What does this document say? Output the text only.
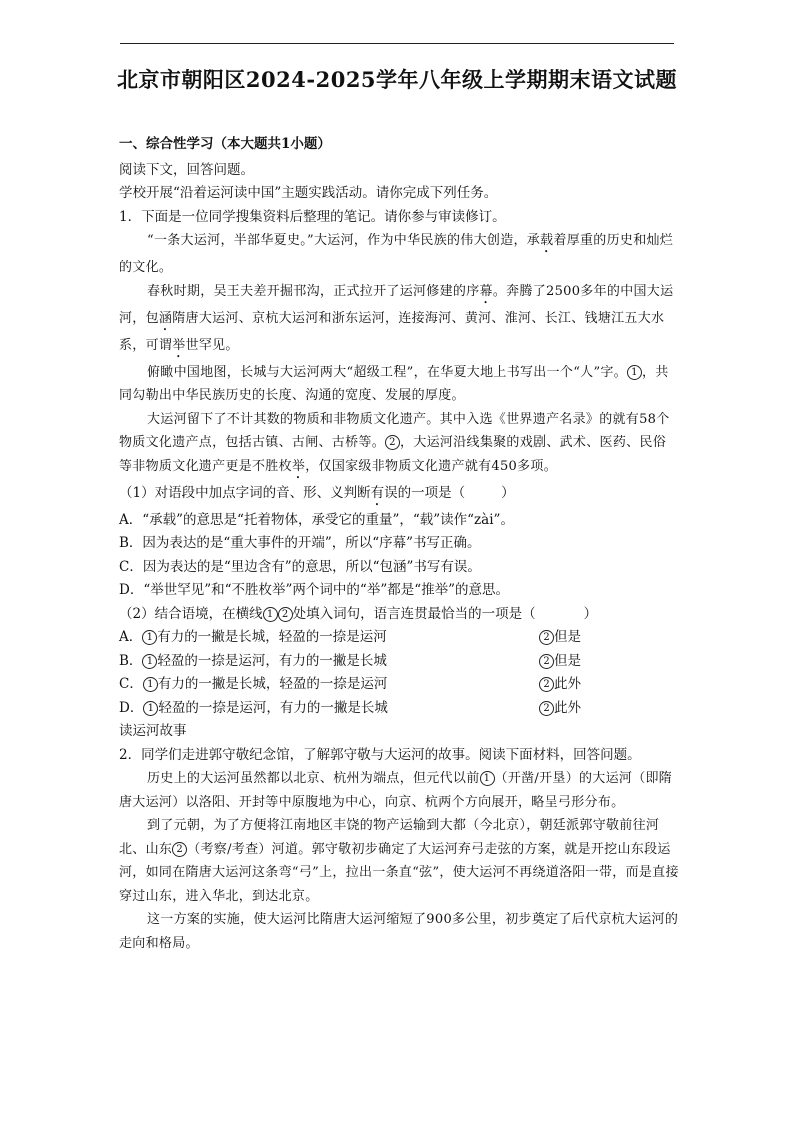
北京市朝阳区2024-2025学年八年级上学期期末语文试题

一、综合性学习（本大题共1小题）

阅读下文，回答问题。

学校开展“沿着运河读中国”主题实践活动。请你完成下列任务。

1．下面是一位同学搜集资料后整理的笔记。请你参与审读修订。

“一条大运河，半部华夏史。”大运河，作为中华民族的伟大创造，承载着厚重的历史和灿烂的文化。

春秋时期，吴王夫差开掘邗沟，正式拉开了运河修建的序幕。奔腾了2500多年的中国大运河，包涵隋唐大运河、京杭大运河和浙东运河，连接海河、黄河、淮河、长江、钱塘江五大水系，可谓举世罕见。

俯瞰中国地图，长城与大运河两大“超级工程”，在华夏大地上书写出一个“人”字。 1 ，共同勾勒出中华民族历史的长度、沟通的宽度、发展的厚度。

大运河留下了不计其数的物质和非物质文化遗产。其中入选《世界遗产名录》的就有58个物质文化遗产点，包括古镇、古闸、古桥等。 2 ，大运河沿线集聚的戏剧、武术、医药、民俗等非物质文化遗产更是不胜枚举，仅国家级非物质文化遗产就有450多项。

（1）对语段中加点字词的音、形、义判断有误的一项是（	）

A．“承载”的意思是“托着物体，承受它的重量”，“载”读作“zài”。

B．因为表达的是“重大事件的开端”，所以“序幕”书写正确。

C．因为表达的是“里边含有”的意思，所以“包涵”书写有误。

D．“举世罕见”和“不胜枚举”两个词中的“举”都是“推举”的意思。

（2）结合语境，在横线 1 2 处填入词句，语言连贯最恰当的一项是（	）

A． 1 有力的一撇是长城，轻盈的一捺是运河	2 但是
B． 1 轻盈的一捺是运河，有力的一撇是长城	2 但是
C． 1 有力的一撇是长城，轻盈的一捺是运河	2 此外
D． 1 轻盈的一捺是运河，有力的一撇是长城	2 此外

读运河故事

2．同学们走进郭守敬纪念馆，了解郭守敬与大运河的故事。阅读下面材料，回答问题。

历史上的大运河虽然都以北京、杭州为端点，但元代以前 1 （开凿/开垦）的大运河（即隋唐大运河）以洛阳、开封等中原腹地为中心，向京、杭两个方向展开，略呈弓形分布。

到了元朝，为了方便将江南地区丰饶的物产运输到大都（今北京），朝廷派郭守敬前往河北、山东 2 （考察/考查）河道。郭守敬初步确定了大运河弃弓走弦的方案，就是开挖山东段运河，如同在隋唐大运河这条弯“弓”上，拉出一条直“弦”，使大运河不再绕道洛阳一带，而是直接穿过山东，进入华北，到达北京。

这一方案的实施，使大运河比隋唐大运河缩短了900多公里，初步奠定了后代京杭大运河的走向和格局。
